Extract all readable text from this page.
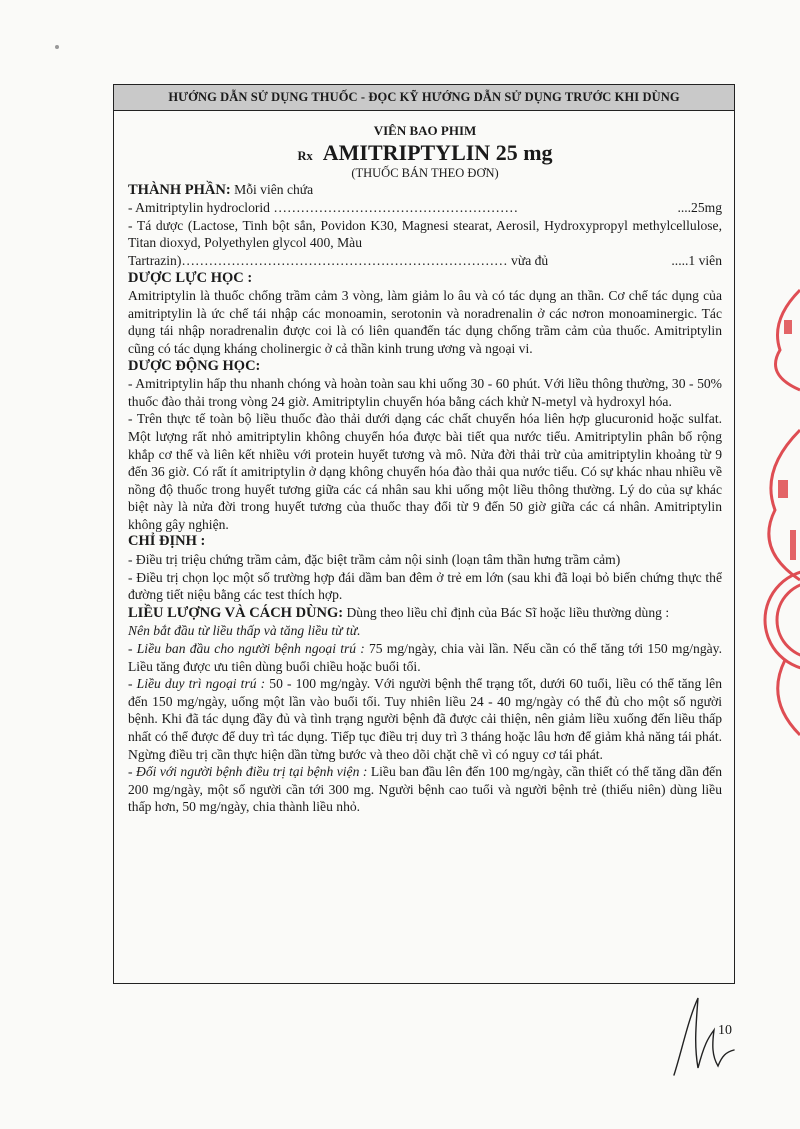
HƯỚNG DẪN SỬ DỤNG THUỐC - ĐỌC KỸ HƯỚNG DẪN SỬ DỤNG TRƯỚC KHI DÙNG
VIÊN BAO PHIM
Rx AMITRIPTYLIN 25 mg
(THUỐC BÁN THEO ĐƠN)

THÀNH PHẦN: Mỗi viên chứa

- Amitriptylin hydroclorid ………………………………………………	....25mg

- Tá dược (Lactose, Tinh bột sắn, Povidon K30, Magnesi stearat, Aerosil, Hydroxypropyl methylcellulose, Titan dioxyd, Polyethylen glycol 400, Màu

Tartrazin)……………………………………………………………… vừa đủ	.....1 viên
DƯỢC LỰC HỌC :

Amitriptylin là thuốc chống trầm cảm 3 vòng, làm giảm lo âu và có tác dụng an thần. Cơ chế tác dụng của amitriptylin là ức chế tái nhập các monoamin, serotonin và noradrenalin ở các nơron monoaminergic. Tác dụng tái nhập noradrenalin được coi là có liên quanđến tác dụng chống trầm cảm của thuốc. Amitriptylin cũng có tác dụng kháng cholinergic ở cả thần kinh trung ương và ngoại vi.

DƯỢC ĐỘNG HỌC:

- Amitriptylin hấp thu nhanh chóng và hoàn toàn sau khi uống 30 - 60 phút. Với liều thông thường, 30 - 50% thuốc đào thải trong vòng 24 giờ. Amitriptylin chuyển hóa bằng cách khử N-metyl và hydroxyl hóa.

- Trên thực tế toàn bộ liều thuốc đào thải dưới dạng các chất chuyển hóa liên hợp glucuronid hoặc sulfat. Một lượng rất nhỏ amitriptylin không chuyển hóa được bài tiết qua nước tiểu. Amitriptylin phân bố rộng khắp cơ thể và liên kết nhiều với protein huyết tương và mô. Nửa đời thải trừ của amitriptylin khoảng từ 9 đến 36 giờ. Có rất ít amitriptylin ở dạng không chuyển hóa đào thải qua nước tiểu. Có sự khác nhau nhiều về nồng độ thuốc trong huyết tương giữa các cá nhân sau khi uống một liều thông thường. Lý do của sự khác biệt này là nửa đời trong huyết tương của thuốc thay đổi từ 9 đến 50 giờ giữa các cá nhân. Amitriptylin không gây nghiện.

CHỈ ĐỊNH :

- Điều trị triệu chứng trầm cảm, đặc biệt trầm cảm nội sinh (loạn tâm thần hưng trầm cảm)

- Điều trị chọn lọc một số trường hợp đái dầm ban đêm ở trẻ em lớn (sau khi đã loại bỏ biến chứng thực thể đường tiết niệu bằng các test thích hợp.

LIỀU LƯỢNG VÀ CÁCH DÙNG: Dùng theo liều chỉ định của Bác Sĩ hoặc liều thường dùng :

Nên bắt đầu từ liều thấp và tăng liều từ từ.

- Liều ban đầu cho người bệnh ngoại trú : 75 mg/ngày, chia vài lần. Nếu cần có thể tăng tới 150 mg/ngày. Liều tăng được ưu tiên dùng buổi chiều hoặc buổi tối.

- Liều duy trì ngoại trú : 50 - 100 mg/ngày. Với người bệnh thể trạng tốt, dưới 60 tuổi, liều có thể tăng lên đến 150 mg/ngày, uống một lần vào buổi tối. Tuy nhiên liều 24 - 40 mg/ngày có thể đủ cho một số người bệnh. Khi đã tác dụng đầy đủ và tình trạng người bệnh đã được cải thiện, nên giảm liều xuống đến liều thấp nhất có thể được để duy trì tác dụng. Tiếp tục điều trị duy trì 3 tháng hoặc lâu hơn để giảm khả năng tái phát. Ngừng điều trị cần thực hiện dần từng bước và theo dõi chặt chẽ vì có nguy cơ tái phát.

- Đối với người bệnh điều trị tại bệnh viện : Liều ban đầu lên đến 100 mg/ngày, cần thiết có thể tăng dần đến 200 mg/ngày, một số người cần tới 300 mg. Người bệnh cao tuổi và người bệnh trẻ (thiếu niên) dùng liều thấp hơn, 50 mg/ngày, chia thành liều nhỏ.

10
